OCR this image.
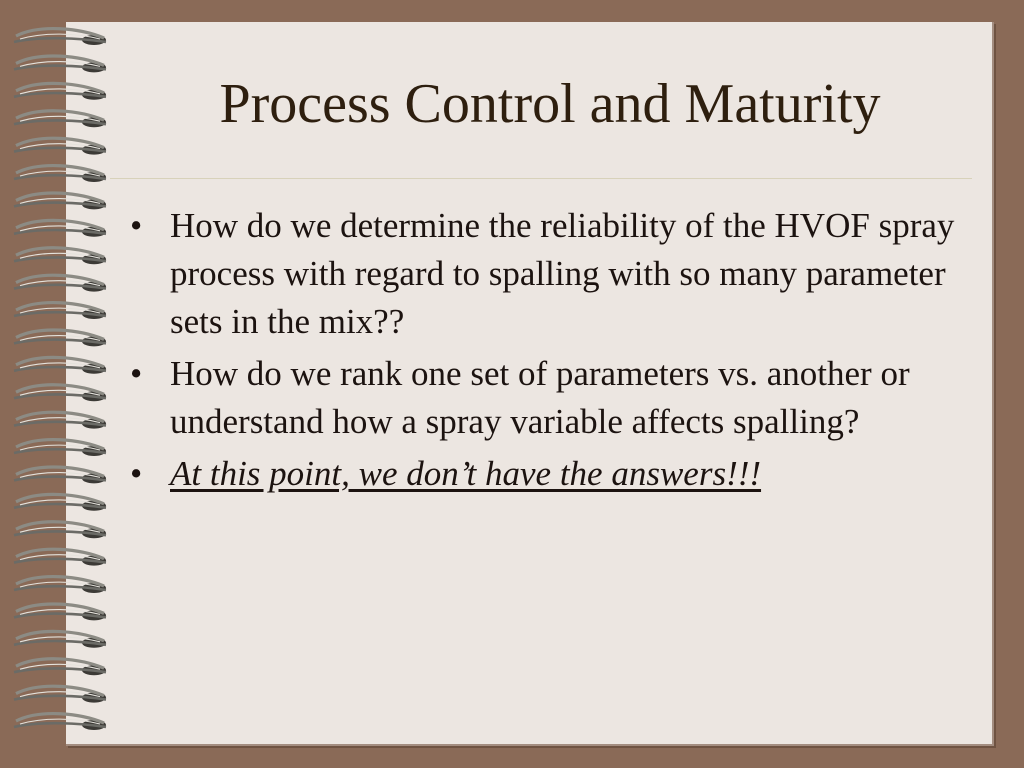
Process Control and Maturity
• How do we determine the reliability of the HVOF spray process with regard to spalling with so many parameter sets in the mix??
• How do we rank one set of parameters vs. another or understand how a spray variable affects spalling?
• At this point, we don’t have the answers!!!
